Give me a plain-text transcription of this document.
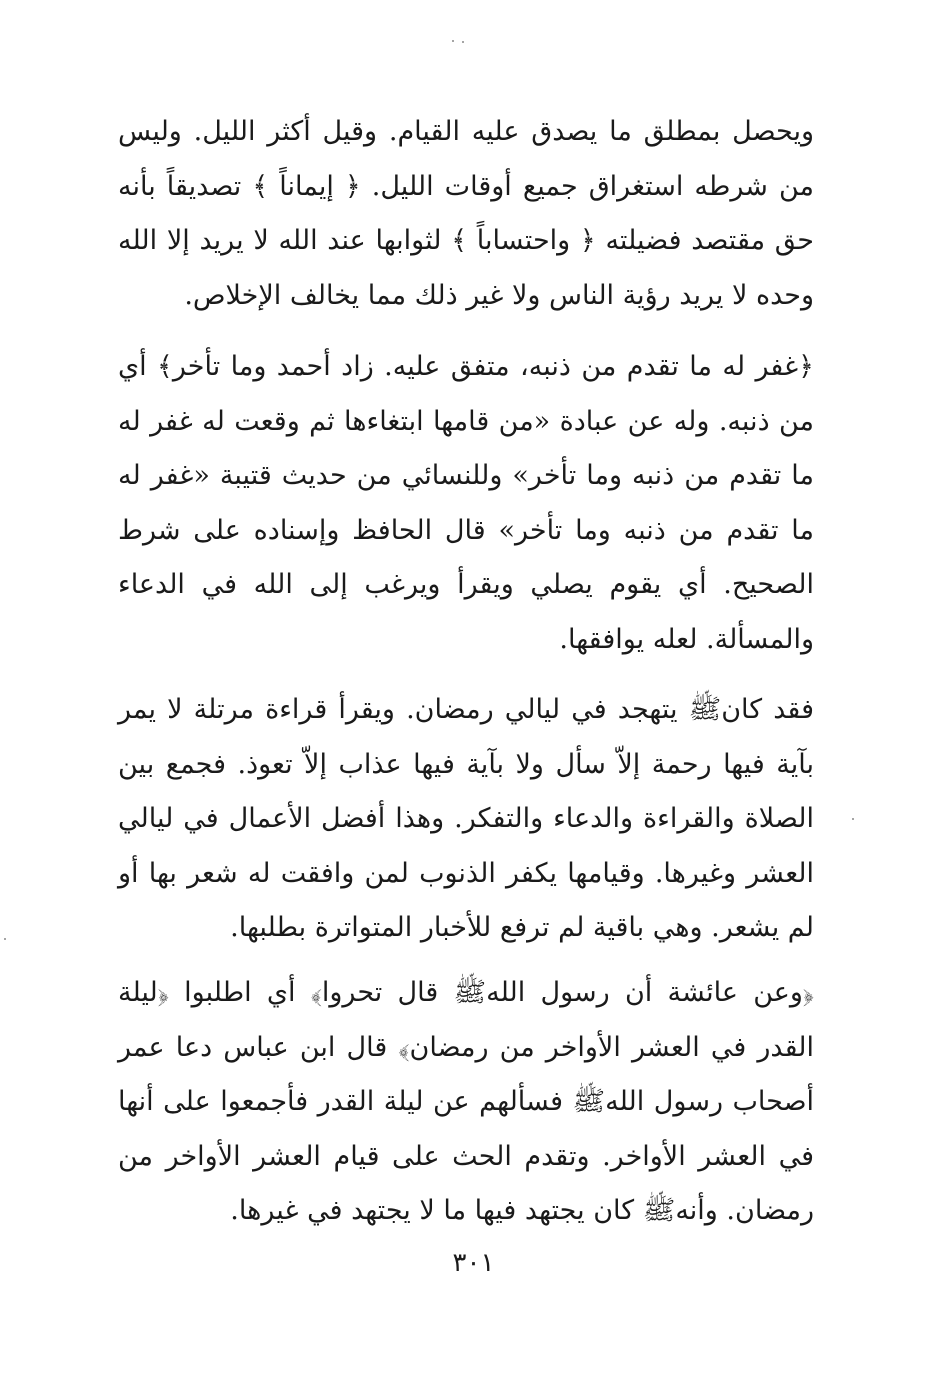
ويحصل بمطلق ما يصدق عليه القيام. وقيل أكثر الليل. وليس من شرطه استغراق جميع أوقات الليل. ﴿ إيماناً ﴾ تصديقاً بأنه حق مقتصد فضيلته ﴿ واحتساباً ﴾ لثوابها عند الله لا يريد إلا الله وحده لا يريد رؤية الناس ولا غير ذلك مما يخالف الإخلاص.

﴿غفر له ما تقدم من ذنبه، متفق عليه. زاد أحمد وما تأخر﴾ أي من ذنبه. وله عن عبادة «من قامها ابتغاءها ثم وقعت له غفر له ما تقدم من ذنبه وما تأخر» وللنسائي من حديث قتيبة «غفر له ما تقدم من ذنبه وما تأخر» قال الحافظ وإسناده على شرط الصحيح. أي يقوم يصلي ويقرأ ويرغب إلى الله في الدعاء والمسألة. لعله يوافقها.

فقد كانﷺ يتهجد في ليالي رمضان. ويقرأ قراءة مرتلة لا يمر بآية فيها رحمة إلاّ سأل ولا بآية فيها عذاب إلاّ تعوذ. فجمع بين الصلاة والقراءة والدعاء والتفكر. وهذا أفضل الأعمال في ليالي العشر وغيرها. وقيامها يكفر الذنوب لمن وافقت له شعر بها أو لم يشعر. وهي باقية لم ترفع للأخبار المتواترة بطلبها.

﴿وعن عائشة أن رسول اللهﷺ قال تحروا﴾ أي اطلبوا ﴿ليلة القدر في العشر الأواخر من رمضان﴾ قال ابن عباس دعا عمر أصحاب رسول اللهﷺ فسألهم عن ليلة القدر فأجمعوا على أنها في العشر الأواخر. وتقدم الحث على قيام العشر الأواخر من رمضان. وأنهﷺ كان يجتهد فيها ما لا يجتهد في غيرها.

٣٠١
